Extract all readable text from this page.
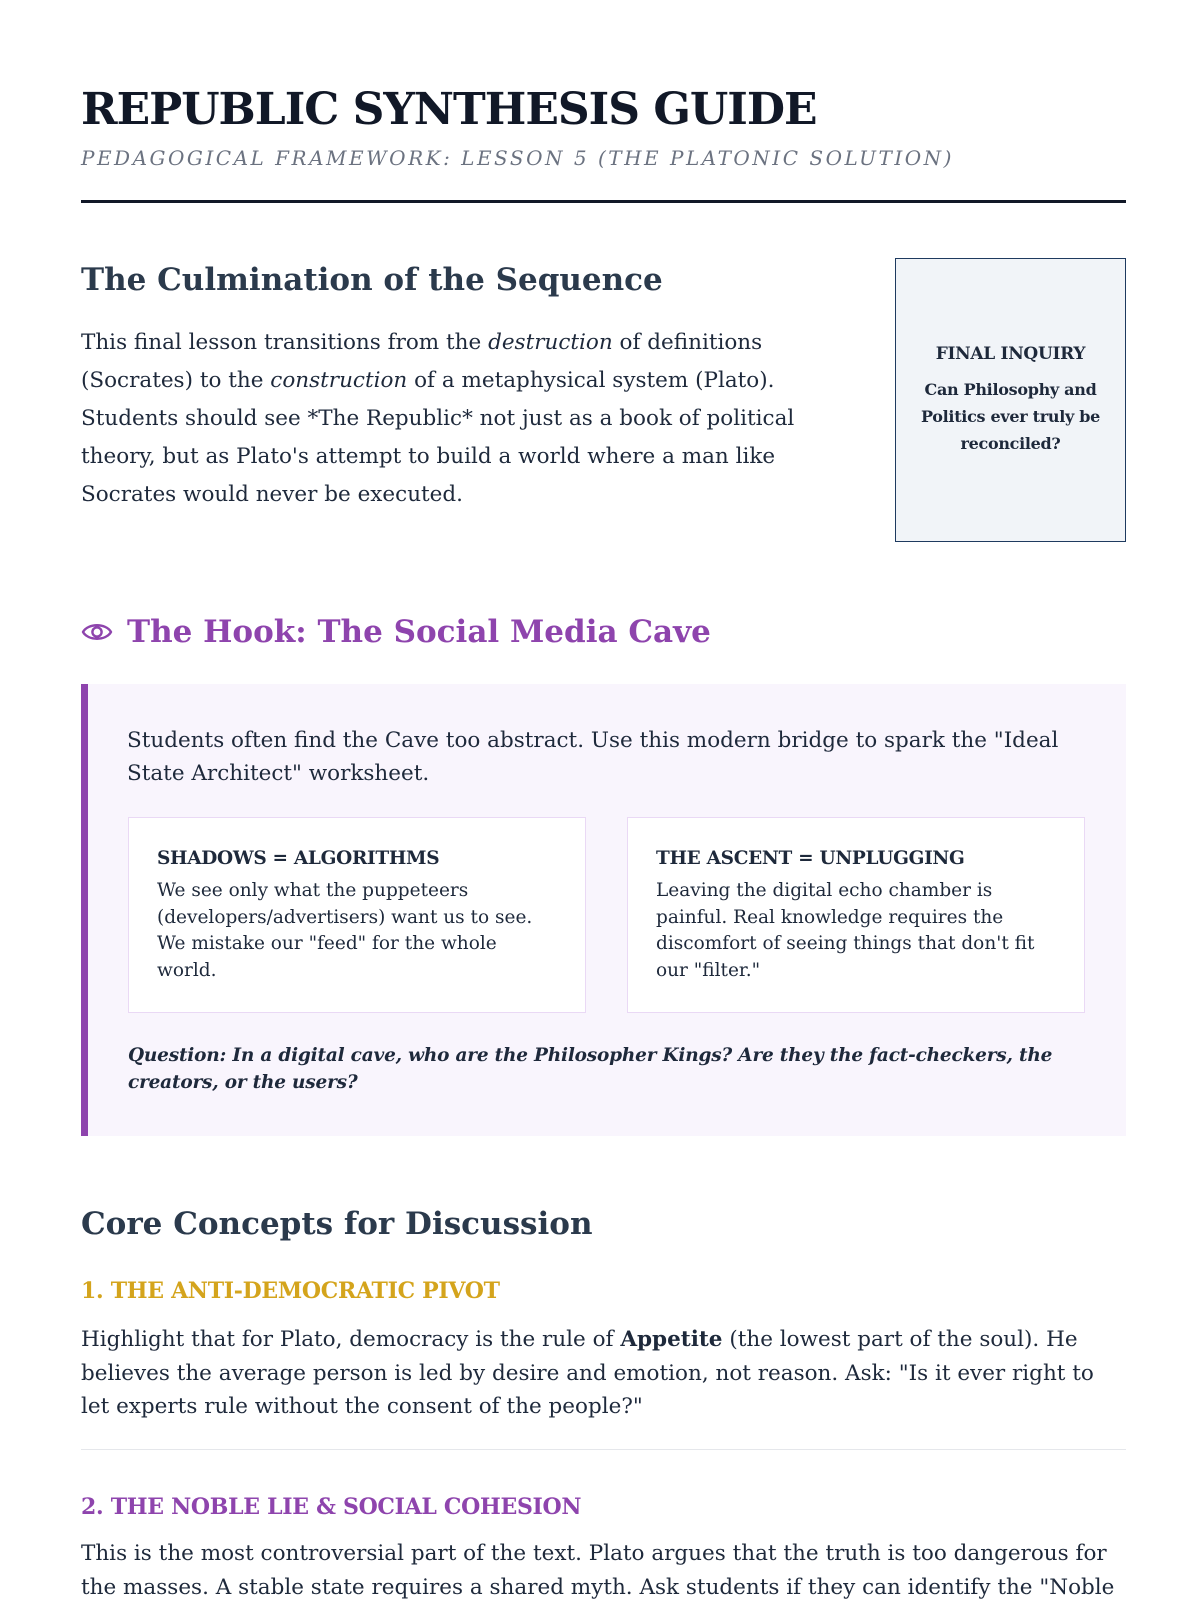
REPUBLIC SYNTHESIS GUIDE
PEDAGOGICAL FRAMEWORK: LESSON 5 (THE PLATONIC SOLUTION)
The Culmination of the Sequence

This final lesson transitions from the destruction of definitions (Socrates) to the construction of a metaphysical system (Plato). Students should see *The Republic* not just as a book of political theory, but as Plato's attempt to build a world where a man like Socrates would never be executed.

FINAL INQUIRY
Can Philosophy and Politics ever truly be reconciled?
The Hook: The Social Media Cave

Students often find the Cave too abstract. Use this modern bridge to spark the "Ideal State Architect" worksheet.

SHADOWS = ALGORITHMS
We see only what the puppeteers (developers/advertisers) want us to see. We mistake our "feed" for the whole world.
THE ASCENT = UNPLUGGING
Leaving the digital echo chamber is painful. Real knowledge requires the discomfort of seeing things that don't fit our "filter."

Question: In a digital cave, who are the Philosopher Kings? Are they the fact-checkers, the creators, or the users?

Core Concepts for Discussion
1. THE ANTI-DEMOCRATIC PIVOT

Highlight that for Plato, democracy is the rule of Appetite (the lowest part of the soul). He believes the average person is led by desire and emotion, not reason. Ask: "Is it ever right to let experts rule without the consent of the people?"

2. THE NOBLE LIE & SOCIAL COHESION

This is the most controversial part of the text. Plato argues that the truth is too dangerous for the masses. A stable state requires a shared myth. Ask students if they can identify the "Noble
